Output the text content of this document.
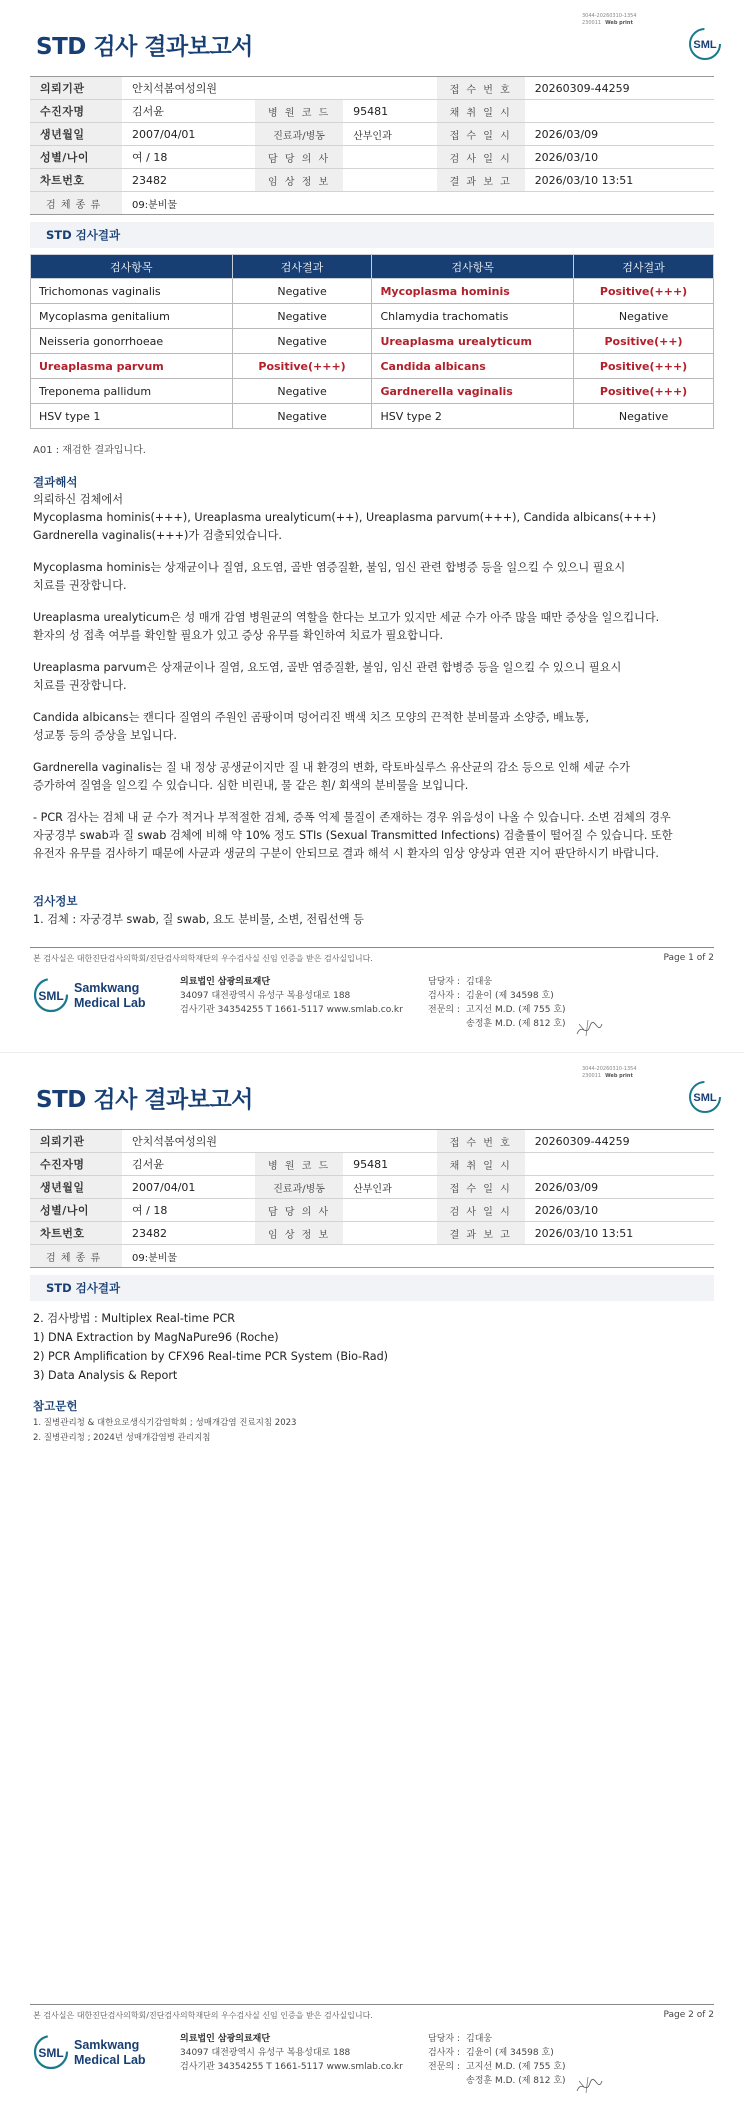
3044-20260310-1354
230011 Web print
SML
STD 검사 결과보고서
의뢰기관	안치석봄여성의원			접 수 번 호	20260309-44259
수진자명	김서윤	병 원 코 드	95481	채 취 일 시	
생년월일	2007/04/01	진료과/병동	산부인과	접 수 일 시	2026/03/09
성별/나이	여 / 18	담 당 의 사		검 사 일 시	2026/03/10
차트번호	23482	임 상 정 보		결 과 보 고	2026/03/10 13:51
검 체 종 류	09:분비물				
STD 검사결과
검사항목	검사결과	검사항목	검사결과
Trichomonas vaginalis	Negative	Mycoplasma hominis	Positive(+++)
Mycoplasma genitalium	Negative	Chlamydia trachomatis	Negative
Neisseria gonorrhoeae	Negative	Ureaplasma urealyticum	Positive(++)
Ureaplasma parvum	Positive(+++)	Candida albicans	Positive(+++)
Treponema pallidum	Negative	Gardnerella vaginalis	Positive(+++)
HSV type 1	Negative	HSV type 2	Negative
A01 : 재검한 결과입니다.
결과해석

의뢰하신 검체에서
Mycoplasma hominis(+++), Ureaplasma urealyticum(++), Ureaplasma parvum(+++), Candida albicans(+++)
Gardnerella vaginalis(+++)가 검출되었습니다.

Mycoplasma hominis는 상재균이나 질염, 요도염, 골반 염증질환, 불임, 임신 관련 합병증 등을 일으킬 수 있으니 필요시
치료를 권장합니다.

Ureaplasma urealyticum은 성 매개 감염 병원균의 역할을 한다는 보고가 있지만 세균 수가 아주 많을 때만 증상을 일으킵니다.
환자의 성 접촉 여부를 확인할 필요가 있고 증상 유무를 확인하여 치료가 필요합니다.

Ureaplasma parvum은 상재균이나 질염, 요도염, 골반 염증질환, 불임, 임신 관련 합병증 등을 일으킬 수 있으니 필요시
치료를 권장합니다.

Candida albicans는 캔디다 질염의 주원인 곰팡이며 덩어리진 백색 치즈 모양의 끈적한 분비물과 소양증, 배뇨통,
성교통 등의 증상을 보입니다.

Gardnerella vaginalis는 질 내 정상 공생균이지만 질 내 환경의 변화, 락토바실루스 유산균의 감소 등으로 인해 세균 수가
증가하여 질염을 일으킬 수 있습니다. 심한 비린내, 물 같은 흰/ 회색의 분비물을 보입니다.

- PCR 검사는 검체 내 균 수가 적거나 부적절한 검체, 증폭 억제 물질이 존재하는 경우 위음성이 나올 수 있습니다. 소변 검체의 경우
자궁경부 swab과 질 swab 검체에 비해 약 10% 정도 STIs (Sexual Transmitted Infections) 검출률이 떨어질 수 있습니다. 또한
유전자 유무를 검사하기 때문에 사균과 생균의 구분이 안되므로 결과 해석 시 환자의 임상 양상과 연관 지어 판단하시기 바랍니다.

검사정보
1. 검체 : 자궁경부 swab, 질 swab, 요도 분비물, 소변, 전립선액 등
본 검사실은 대한진단검사의학회/진단검사의학재단의 우수검사실 신임 인증을 받은 검사실입니다.	Page 1 of 2
SML
Samkwang
Medical Lab
의료법인 삼광의료재단
34097 대전광역시 유성구 복용성대로 188
검사기관 34354255 T 1661-5117 www.smlab.co.kr
담당자 : 김대웅
검사자 : 김윤이 (제 34598 호)
전문의 : 고지선 M.D. (제 755 호)
송정훈 M.D. (제 812 호)
3044-20260310-1354
230011 Web print
SML
STD 검사 결과보고서
의뢰기관	안치석봄여성의원			접 수 번 호	20260309-44259
수진자명	김서윤	병 원 코 드	95481	채 취 일 시	
생년월일	2007/04/01	진료과/병동	산부인과	접 수 일 시	2026/03/09
성별/나이	여 / 18	담 당 의 사		검 사 일 시	2026/03/10
차트번호	23482	임 상 정 보		결 과 보 고	2026/03/10 13:51
검 체 종 류	09:분비물				
STD 검사결과
2. 검사방법 : Multiplex Real-time PCR
1) DNA Extraction by MagNaPure96 (Roche)
2) PCR Amplification by CFX96 Real-time PCR System (Bio-Rad)
3) Data Analysis & Report
참고문헌
1. 질병관리청 & 대한요로생식기감염학회 ; 성매개감염 진료지침 2023
2. 질병관리청 ; 2024년 성매개감염병 관리지침
본 검사실은 대한진단검사의학회/진단검사의학재단의 우수검사실 신임 인증을 받은 검사실입니다.	Page 2 of 2
SML
Samkwang
Medical Lab
의료법인 삼광의료재단
34097 대전광역시 유성구 복용성대로 188
검사기관 34354255 T 1661-5117 www.smlab.co.kr
담당자 : 김대웅
검사자 : 김윤이 (제 34598 호)
전문의 : 고지선 M.D. (제 755 호)
송정훈 M.D. (제 812 호)
